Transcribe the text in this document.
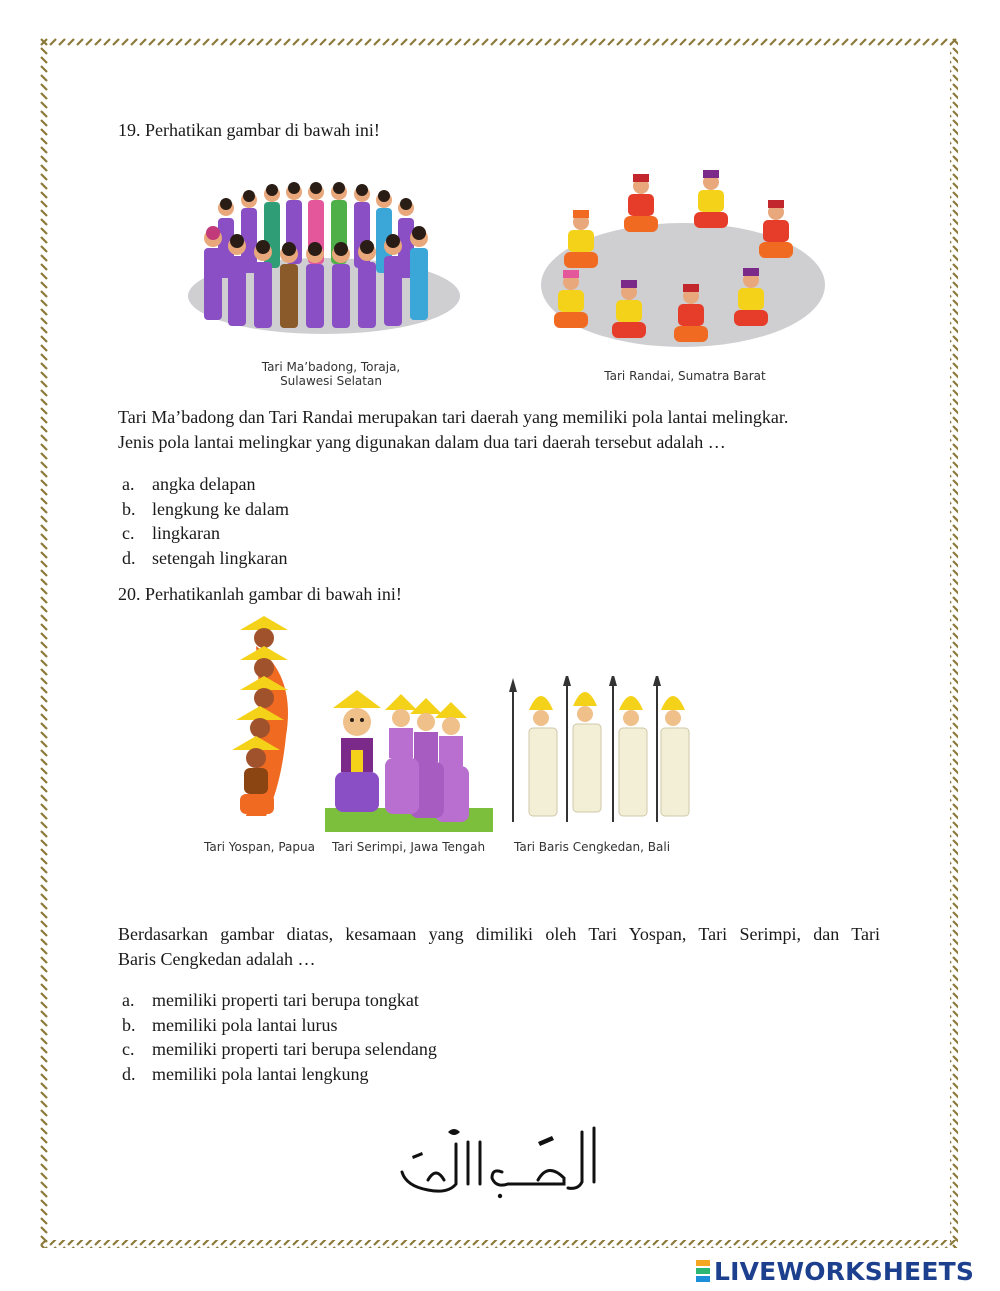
19. Perhatikan gambar di bawah ini!
Tari Ma’badong, Toraja,
Sulawesi Selatan	Tari Randai, Sumatra Barat
Tari Ma’badong dan Tari Randai merupakan tari daerah yang memiliki pola lantai melingkar.
Jenis pola lantai melingkar yang digunakan dalam dua tari daerah tersebut adalah …
a. angka delapan
b. lengkung ke dalam
c. lingkaran
d. setengah lingkaran
20. Perhatikanlah gambar di bawah ini!
Tari Yospan, Papua	Tari Serimpi, Jawa Tengah	Tari Baris Cengkedan, Bali
Berdasarkan gambar diatas, kesamaan yang dimiliki oleh Tari Yospan, Tari Serimpi, dan Tari
Baris Cengkedan adalah …
a. memiliki properti tari berupa tongkat
b. memiliki pola lantai lurus
c. memiliki properti tari berupa selendang
d. memiliki pola lantai lengkung
LIVEWORKSHEETS
